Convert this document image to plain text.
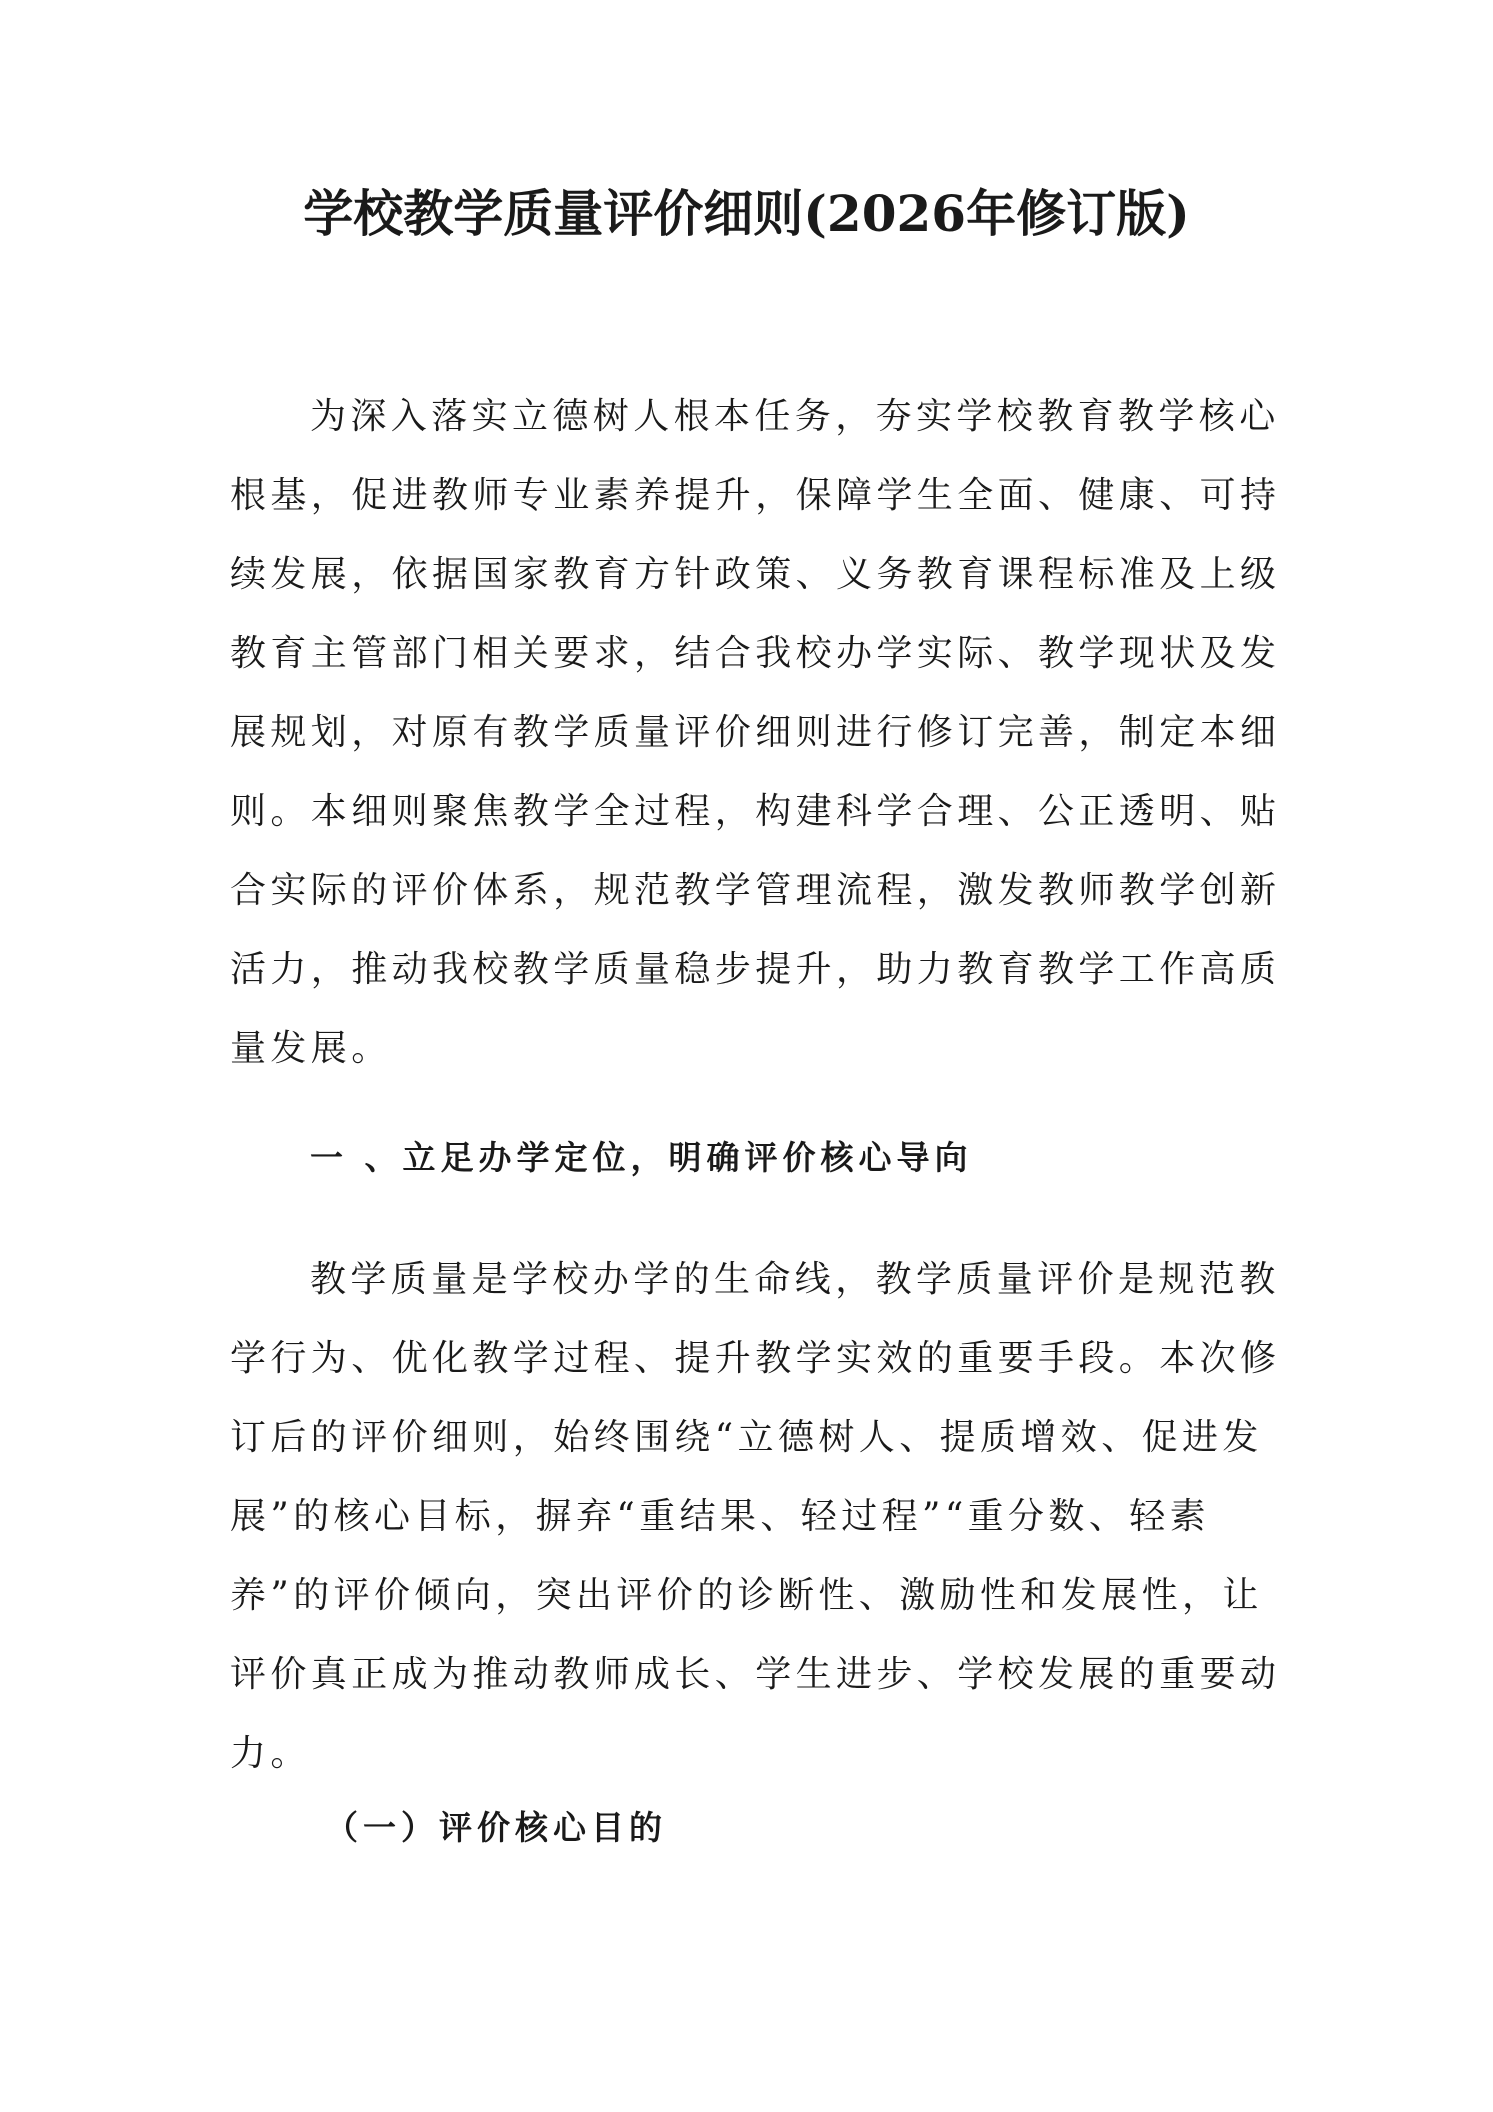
学校教学质量评价细则(2026年修订版)
为深入落实立德树人根本任务，夯实学校教育教学核心
根基，促进教师专业素养提升，保障学生全面、健康、可持
续发展，依据国家教育方针政策、义务教育课程标准及上级
教育主管部门相关要求，结合我校办学实际、教学现状及发
展规划，对原有教学质量评价细则进行修订完善，制定本细
则。本细则聚焦教学全过程，构建科学合理、公正透明、贴
合实际的评价体系，规范教学管理流程，激发教师教学创新
活力，推动我校教学质量稳步提升，助力教育教学工作高质
量发展。
一 、立足办学定位，明确评价核心导向
教学质量是学校办学的生命线，教学质量评价是规范教
学行为、优化教学过程、提升教学实效的重要手段。本次修
订后的评价细则，始终围绕“立德树人、提质增效、促进发
展”的核心目标，摒弃“重结果、轻过程”“重分数、轻素
养”的评价倾向，突出评价的诊断性、激励性和发展性，让
评价真正成为推动教师成长、学生进步、学校发展的重要动
力。
（一）评价核心目的
